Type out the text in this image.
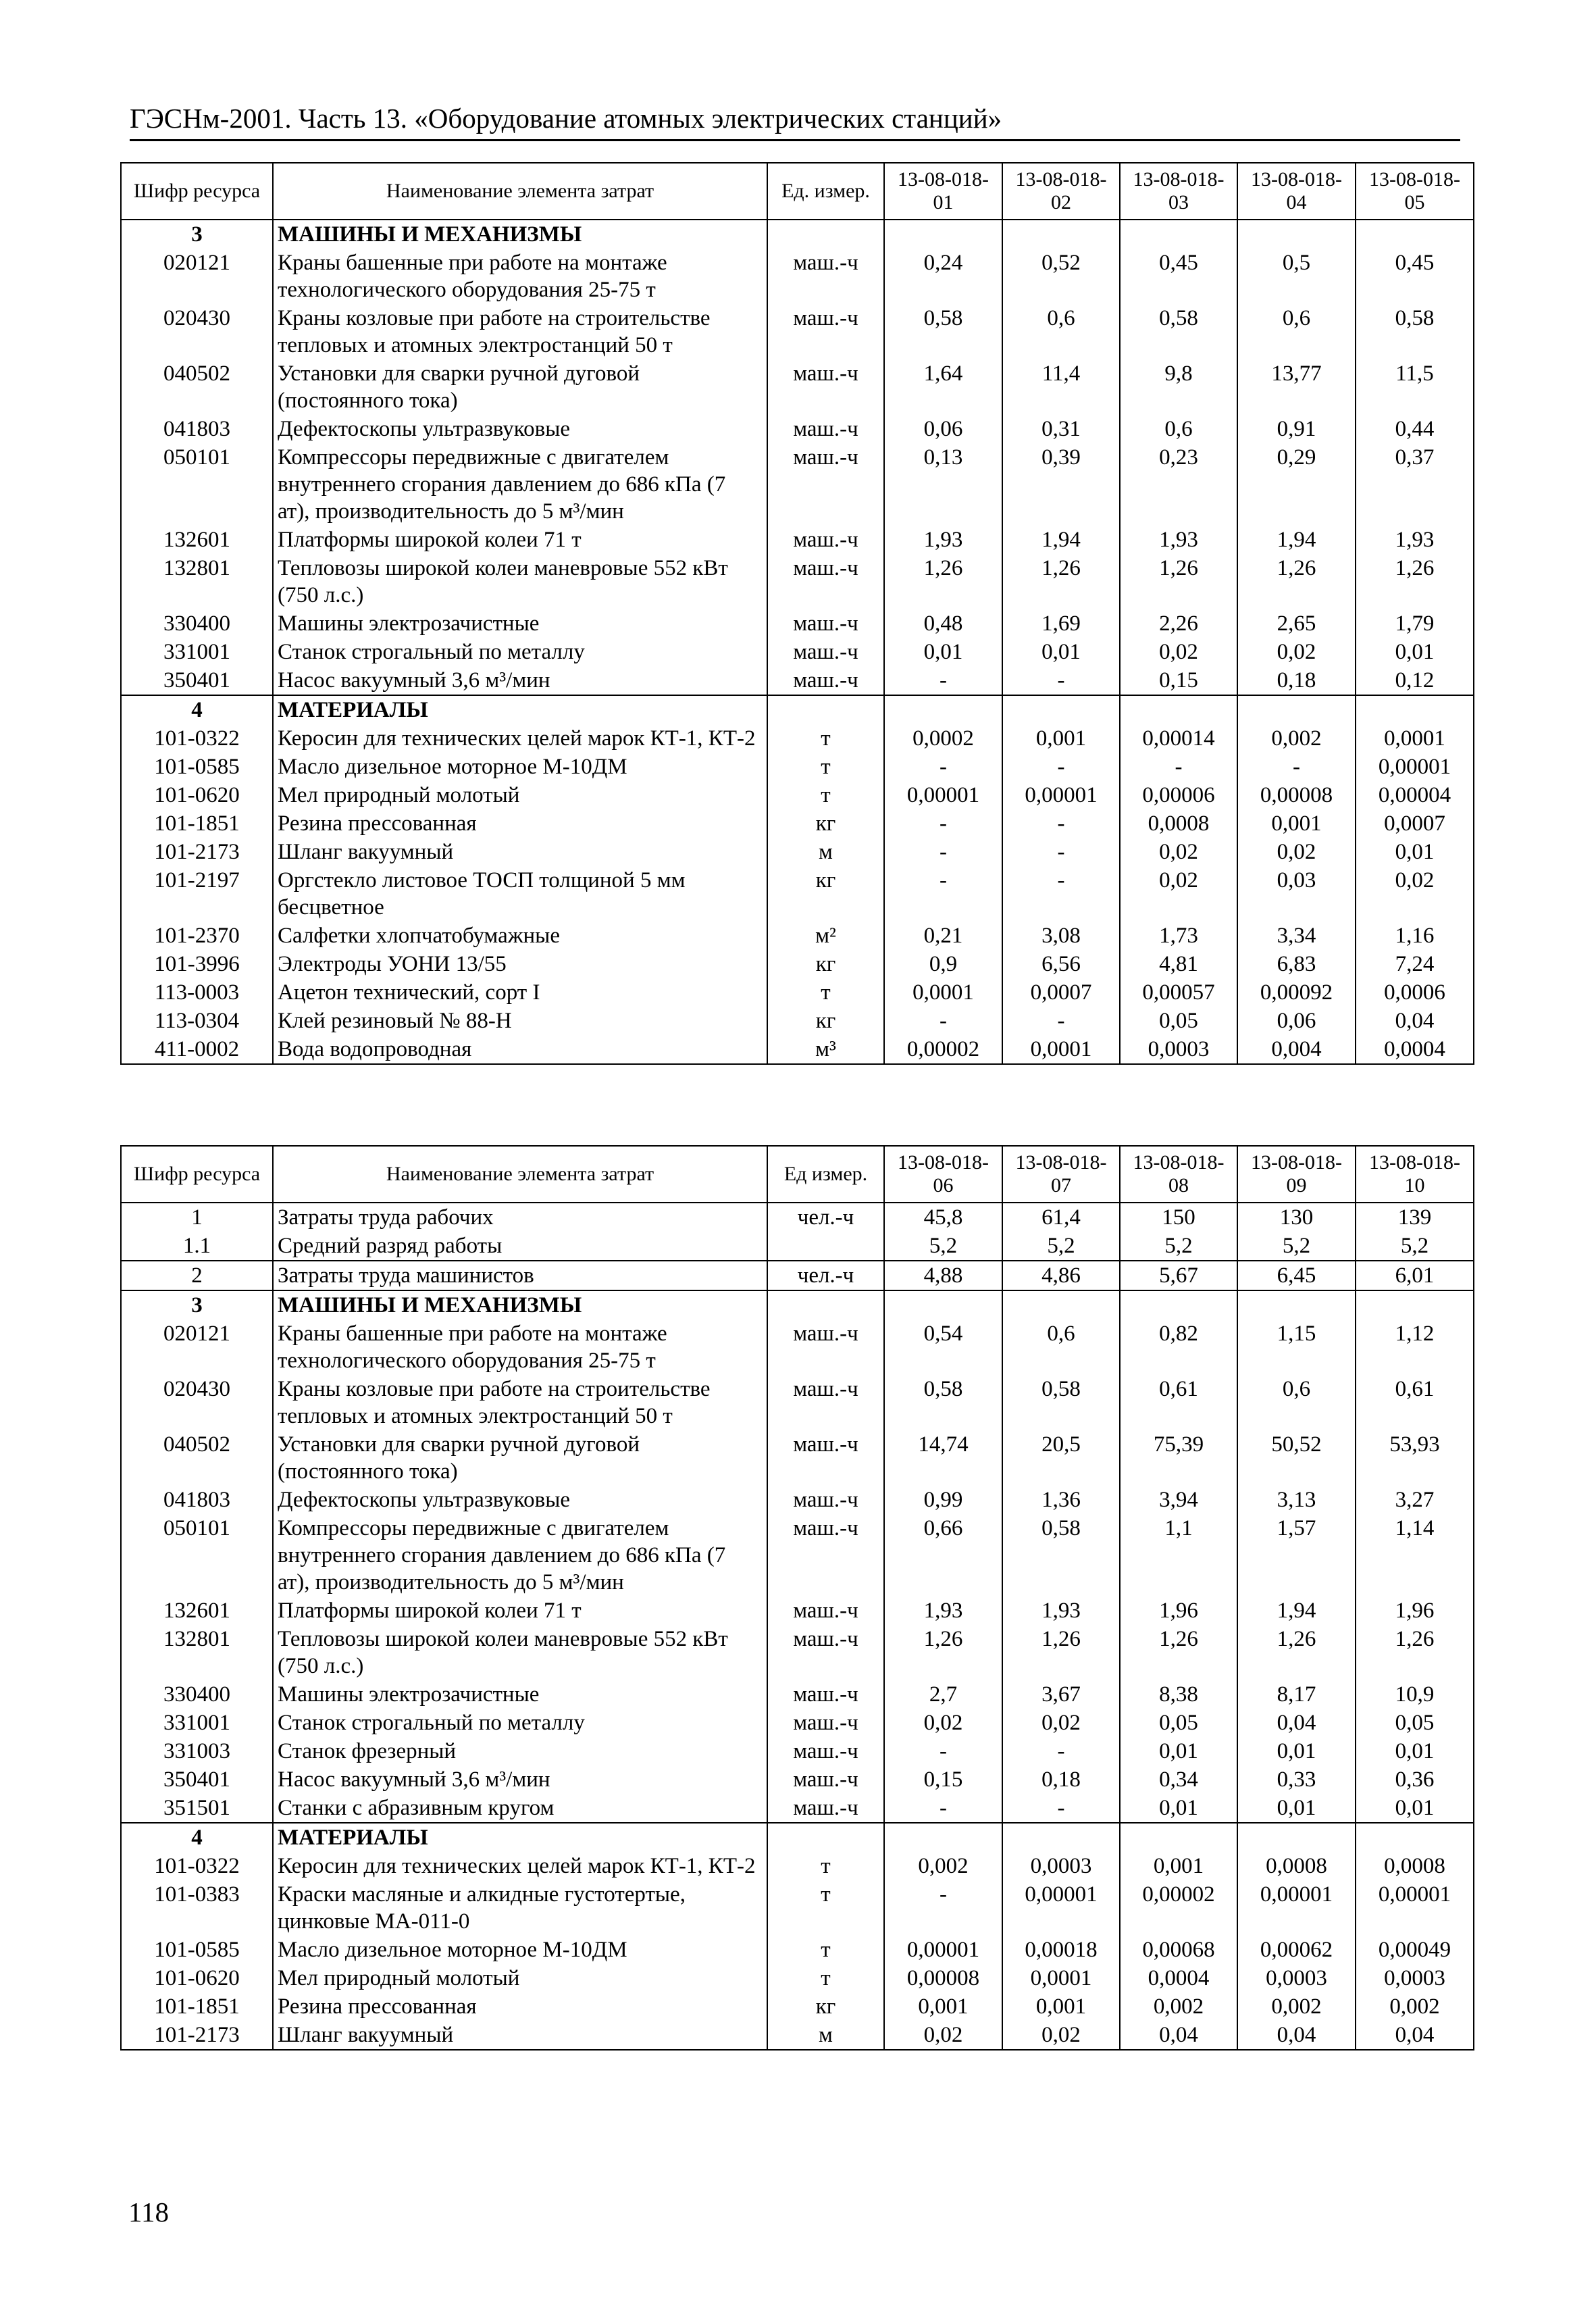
ГЭСНм-2001. Часть 13. «Оборудование атомных электрических станций»
Шифр ресурса	Наименование элемента затрат	Ед. измер.	13-08-018-01	13-08-018-02	13-08-018-03	13-08-018-04	13-08-018-05
3	МАШИНЫ И МЕХАНИЗМЫ						
020121	Краны башенные при работе на монтаже технологического оборудования 25-75 т	маш.-ч	0,24	0,52	0,45	0,5	0,45
020430	Краны козловые при работе на строительстве тепловых и атомных электростанций 50 т	маш.-ч	0,58	0,6	0,58	0,6	0,58
040502	Установки для сварки ручной дуговой (постоянного тока)	маш.-ч	1,64	11,4	9,8	13,77	11,5
041803	Дефектоскопы ультразвуковые	маш.-ч	0,06	0,31	0,6	0,91	0,44
050101	Компрессоры передвижные с двигателем внутреннего сгорания давлением до 686 кПа (7 ат), производительность до 5 м³/мин	маш.-ч	0,13	0,39	0,23	0,29	0,37
132601	Платформы широкой колеи 71 т	маш.-ч	1,93	1,94	1,93	1,94	1,93
132801	Тепловозы широкой колеи маневровые 552 кВт (750 л.с.)	маш.-ч	1,26	1,26	1,26	1,26	1,26
330400	Машины электрозачистные	маш.-ч	0,48	1,69	2,26	2,65	1,79
331001	Станок строгальный по металлу	маш.-ч	0,01	0,01	0,02	0,02	0,01
350401	Насос вакуумный 3,6 м³/мин	маш.-ч	-	-	0,15	0,18	0,12
4	МАТЕРИАЛЫ						
101-0322	Керосин для технических целей марок КТ-1, КТ-2	т	0,0002	0,001	0,00014	0,002	0,0001
101-0585	Масло дизельное моторное М-10ДМ	т	-	-	-	-	0,00001
101-0620	Мел природный молотый	т	0,00001	0,00001	0,00006	0,00008	0,00004
101-1851	Резина прессованная	кг	-	-	0,0008	0,001	0,0007
101-2173	Шланг вакуумный	м	-	-	0,02	0,02	0,01
101-2197	Оргстекло листовое ТОСП толщиной 5 мм бесцветное	кг	-	-	0,02	0,03	0,02
101-2370	Салфетки хлопчатобумажные	м²	0,21	3,08	1,73	3,34	1,16
101-3996	Электроды УОНИ 13/55	кг	0,9	6,56	4,81	6,83	7,24
113-0003	Ацетон технический, сорт I	т	0,0001	0,0007	0,00057	0,00092	0,0006
113-0304	Клей резиновый № 88-Н	кг	-	-	0,05	0,06	0,04
411-0002	Вода водопроводная	м³	0,00002	0,0001	0,0003	0,004	0,0004
Шифр ресурса	Наименование элемента затрат	Ед измер.	13-08-018-06	13-08-018-07	13-08-018-08	13-08-018-09	13-08-018-10
1	Затраты труда рабочих	чел.-ч	45,8	61,4	150	130	139
1.1	Средний разряд работы		5,2	5,2	5,2	5,2	5,2
2	Затраты труда машинистов	чел.-ч	4,88	4,86	5,67	6,45	6,01
3	МАШИНЫ И МЕХАНИЗМЫ						
020121	Краны башенные при работе на монтаже технологического оборудования 25-75 т	маш.-ч	0,54	0,6	0,82	1,15	1,12
020430	Краны козловые при работе на строительстве тепловых и атомных электростанций 50 т	маш.-ч	0,58	0,58	0,61	0,6	0,61
040502	Установки для сварки ручной дуговой (постоянного тока)	маш.-ч	14,74	20,5	75,39	50,52	53,93
041803	Дефектоскопы ультразвуковые	маш.-ч	0,99	1,36	3,94	3,13	3,27
050101	Компрессоры передвижные с двигателем внутреннего сгорания давлением до 686 кПа (7 ат), производительность до 5 м³/мин	маш.-ч	0,66	0,58	1,1	1,57	1,14
132601	Платформы широкой колеи 71 т	маш.-ч	1,93	1,93	1,96	1,94	1,96
132801	Тепловозы широкой колеи маневровые 552 кВт (750 л.с.)	маш.-ч	1,26	1,26	1,26	1,26	1,26
330400	Машины электрозачистные	маш.-ч	2,7	3,67	8,38	8,17	10,9
331001	Станок строгальный по металлу	маш.-ч	0,02	0,02	0,05	0,04	0,05
331003	Станок фрезерный	маш.-ч	-	-	0,01	0,01	0,01
350401	Насос вакуумный 3,6 м³/мин	маш.-ч	0,15	0,18	0,34	0,33	0,36
351501	Станки с абразивным кругом	маш.-ч	-	-	0,01	0,01	0,01
4	МАТЕРИАЛЫ						
101-0322	Керосин для технических целей марок КТ-1, КТ-2	т	0,002	0,0003	0,001	0,0008	0,0008
101-0383	Краски масляные и алкидные густотертые, цинковые МА-011-0	т	-	0,00001	0,00002	0,00001	0,00001
101-0585	Масло дизельное моторное М-10ДМ	т	0,00001	0,00018	0,00068	0,00062	0,00049
101-0620	Мел природный молотый	т	0,00008	0,0001	0,0004	0,0003	0,0003
101-1851	Резина прессованная	кг	0,001	0,001	0,002	0,002	0,002
101-2173	Шланг вакуумный	м	0,02	0,02	0,04	0,04	0,04
118
